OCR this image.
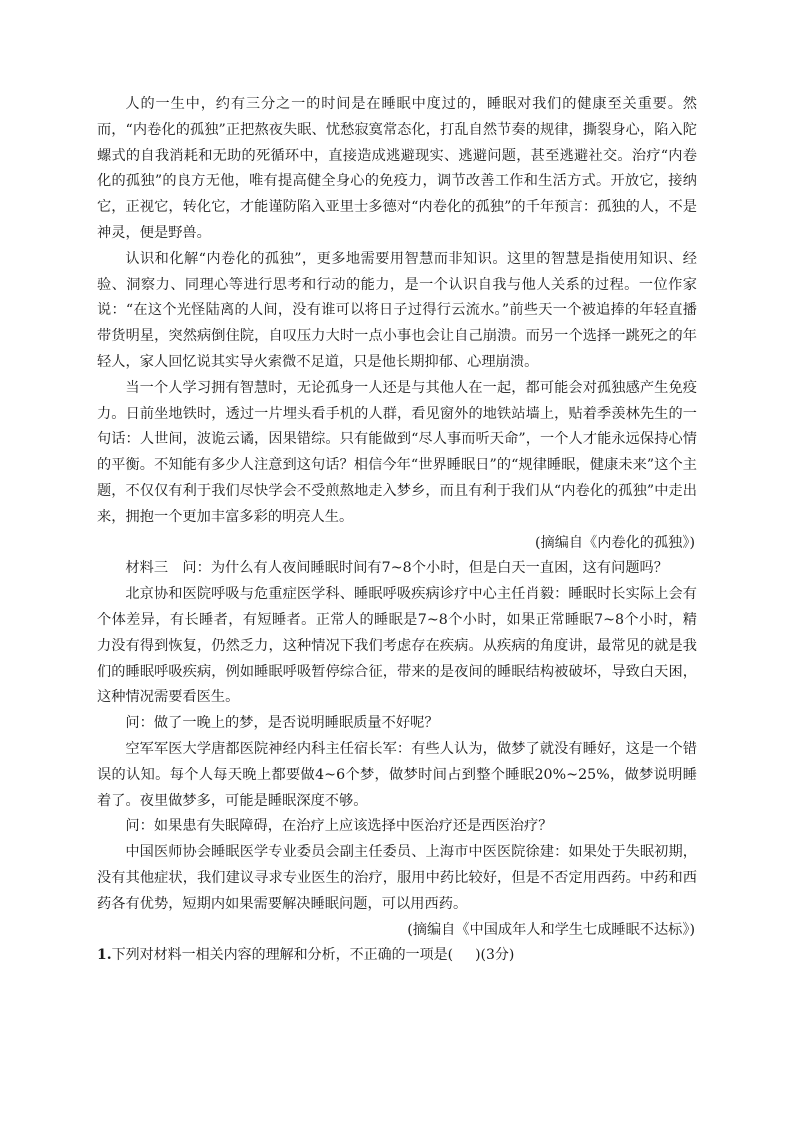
人的一生中，约有三分之一的时间是在睡眠中度过的，睡眠对我们的健康至关重要。然而，“内卷化的孤独”正把熬夜失眠、忧愁寂寞常态化，打乱自然节奏的规律，撕裂身心，陷入陀螺式的自我消耗和无助的死循环中，直接造成逃避现实、逃避问题，甚至逃避社交。治疗“内卷化的孤独”的良方无他，唯有提高健全身心的免疫力，调节改善工作和生活方式。开放它，接纳它，正视它，转化它，才能谨防陷入亚里士多德对“内卷化的孤独”的千年预言：孤独的人，不是神灵，便是野兽。

认识和化解“内卷化的孤独”，更多地需要用智慧而非知识。这里的智慧是指使用知识、经验、洞察力、同理心等进行思考和行动的能力，是一个认识自我与他人关系的过程。一位作家说：“在这个光怪陆离的人间，没有谁可以将日子过得行云流水。”前些天一个被追捧的年轻直播带货明星，突然病倒住院，自叹压力大时一点小事也会让自己崩溃。而另一个选择一跳死之的年轻人，家人回忆说其实导火索微不足道，只是他长期抑郁、心理崩溃。

当一个人学习拥有智慧时，无论孤身一人还是与其他人在一起，都可能会对孤独感产生免疫力。日前坐地铁时，透过一片埋头看手机的人群，看见窗外的地铁站墙上，贴着季羡林先生的一句话：人世间，波诡云谲，因果错综。只有能做到“尽人事而听天命”，一个人才能永远保持心情的平衡。不知能有多少人注意到这句话？相信今年“世界睡眠日”的“规律睡眠，健康未来”这个主题，不仅仅有利于我们尽快学会不受煎熬地走入梦乡，而且有利于我们从“内卷化的孤独”中走出来，拥抱一个更加丰富多彩的明亮人生。

(摘编自《内卷化的孤独》)

材料三　问：为什么有人夜间睡眠时间有7~8个小时，但是白天一直困，这有问题吗？

北京协和医院呼吸与危重症医学科、睡眠呼吸疾病诊疗中心主任肖毅：睡眠时长实际上会有个体差异，有长睡者，有短睡者。正常人的睡眠是7~8个小时，如果正常睡眠7~8个小时，精力没有得到恢复，仍然乏力，这种情况下我们考虑存在疾病。从疾病的角度讲，最常见的就是我们的睡眠呼吸疾病，例如睡眠呼吸暂停综合征，带来的是夜间的睡眠结构被破坏，导致白天困，这种情况需要看医生。

问：做了一晚上的梦，是否说明睡眠质量不好呢？

空军军医大学唐都医院神经内科主任宿长军：有些人认为，做梦了就没有睡好，这是一个错误的认知。每个人每天晚上都要做4~6个梦，做梦时间占到整个睡眠20%~25%，做梦说明睡着了。夜里做梦多，可能是睡眠深度不够。

问：如果患有失眠障碍，在治疗上应该选择中医治疗还是西医治疗？

中国医师协会睡眠医学专业委员会副主任委员、上海市中医医院徐建：如果处于失眠初期，没有其他症状，我们建议寻求专业医生的治疗，服用中药比较好，但是不否定用西药。中药和西药各有优势，短期内如果需要解决睡眠问题，可以用西药。

(摘编自《中国成年人和学生七成睡眠不达标》)

1.下列对材料一相关内容的理解和分析，不正确的一项是( )(3分)
